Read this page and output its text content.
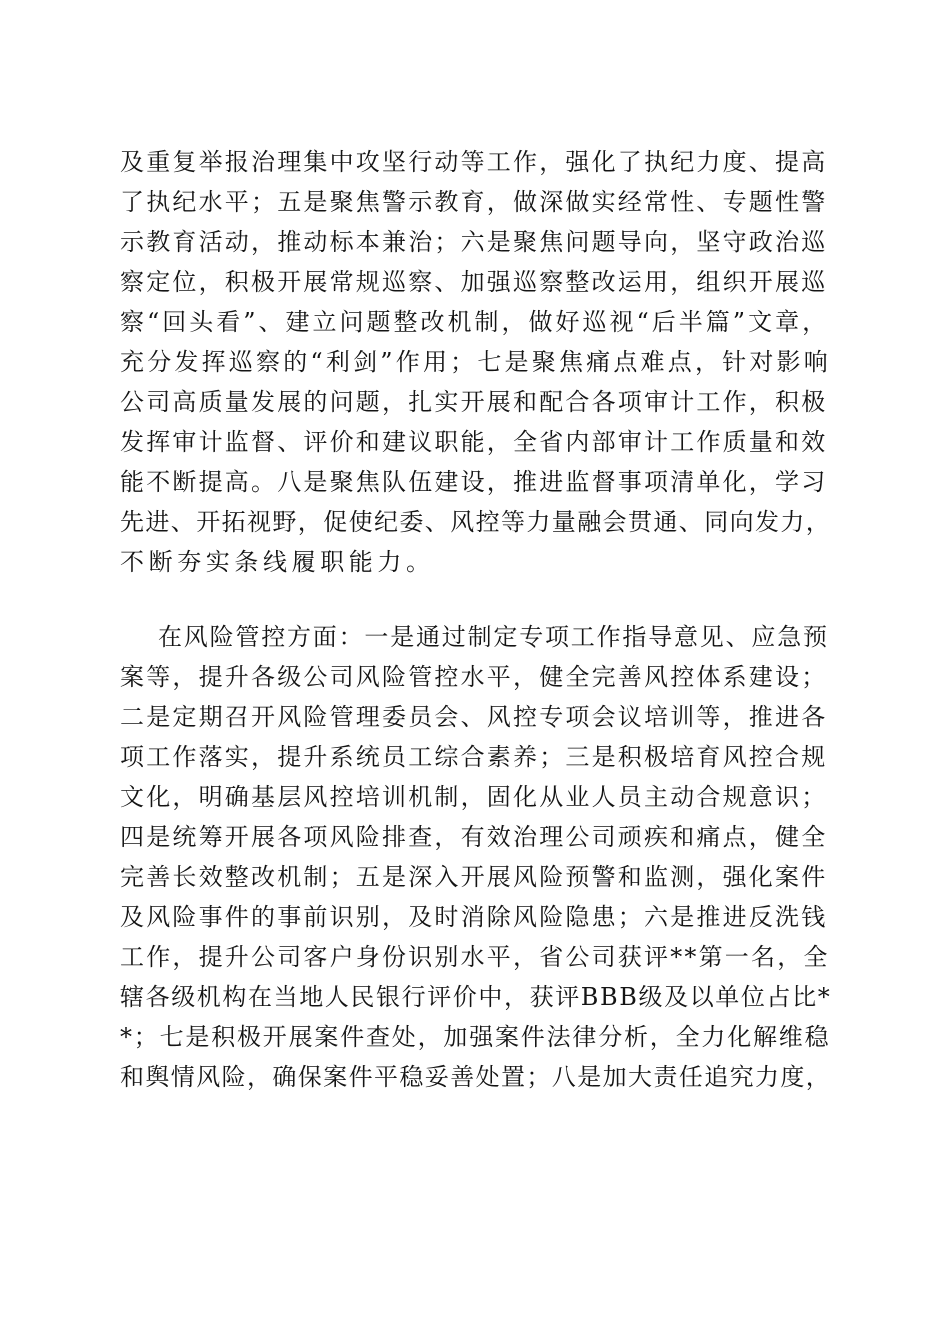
及重复举报治理集中攻坚行动等工作，强化了执纪力度、提高
了执纪水平；五是聚焦警示教育，做深做实经常性、专题性警
示教育活动，推动标本兼治；六是聚焦问题导向，坚守政治巡
察定位，积极开展常规巡察、加强巡察整改运用，组织开展巡
察“回头看”、建立问题整改机制，做好巡视“后半篇”文章，
充分发挥巡察的“利剑”作用；七是聚焦痛点难点，针对影响
公司高质量发展的问题，扎实开展和配合各项审计工作，积极
发挥审计监督、评价和建议职能，全省内部审计工作质量和效
能不断提高。八是聚焦队伍建设，推进监督事项清单化，学习
先进、开拓视野，促使纪委、风控等力量融会贯通、同向发力，
不断夯实条线履职能力。
在风险管控方面：一是通过制定专项工作指导意见、应急预
案等，提升各级公司风险管控水平，健全完善风控体系建设；
二是定期召开风险管理委员会、风控专项会议培训等，推进各
项工作落实，提升系统员工综合素养；三是积极培育风控合规
文化，明确基层风控培训机制，固化从业人员主动合规意识；
四是统筹开展各项风险排查，有效治理公司顽疾和痛点，健全
完善长效整改机制；五是深入开展风险预警和监测，强化案件
及风险事件的事前识别，及时消除风险隐患；六是推进反洗钱
工作，提升公司客户身份识别水平，省公司获评**第一名，全
辖各级机构在当地人民银行评价中，获评BBB级及以单位占比*
*；七是积极开展案件查处，加强案件法律分析，全力化解维稳
和舆情风险，确保案件平稳妥善处置；八是加大责任追究力度，
